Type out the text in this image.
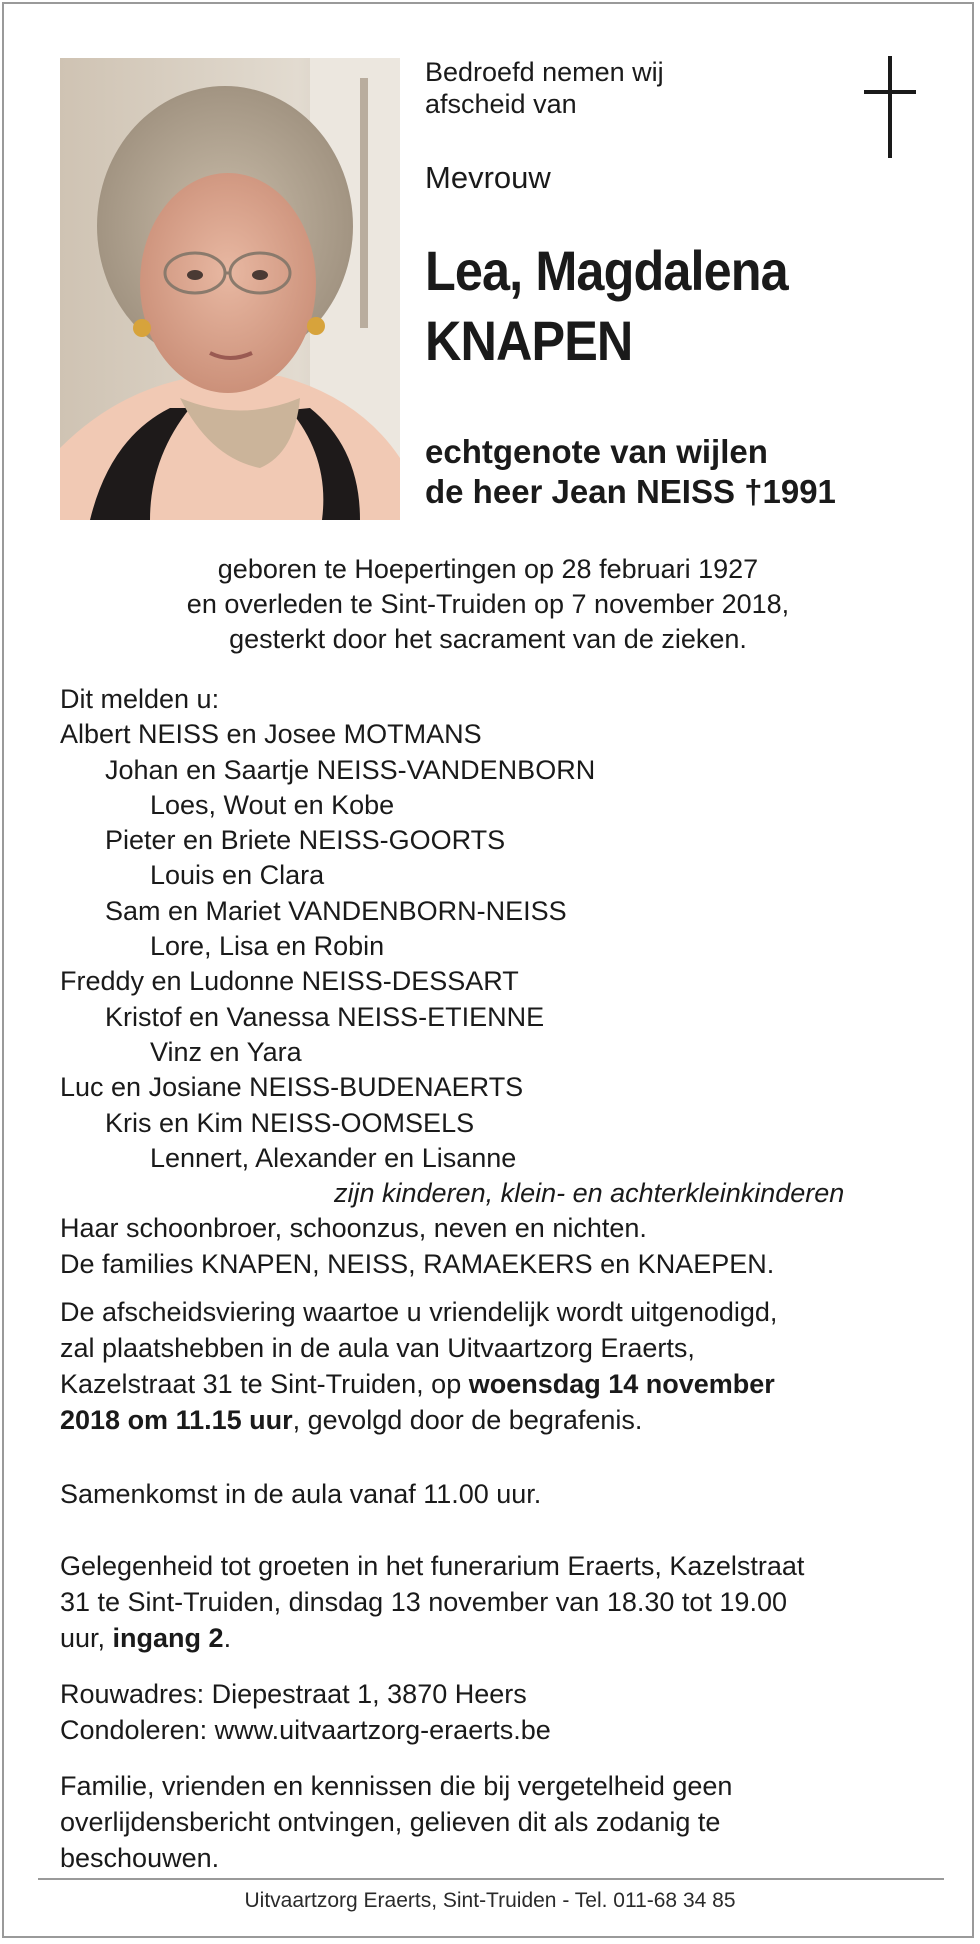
Bedroefd nemen wij
afscheid van
Mevrouw
Lea, Magdalena
KNAPEN
echtgenote van wijlen
de heer Jean NEISS †1991
geboren te Hoepertingen op 28 februari 1927
en overleden te Sint-Truiden op 7 november 2018,
gesterkt door het sacrament van de zieken.
Dit melden u:
Albert NEISS en Josee MOTMANS
Johan en Saartje NEISS-VANDENBORN
Loes, Wout en Kobe
Pieter en Briete NEISS-GOORTS
Louis en Clara
Sam en Mariet VANDENBORN-NEISS
Lore, Lisa en Robin
Freddy en Ludonne NEISS-DESSART
Kristof en Vanessa NEISS-ETIENNE
Vinz en Yara
Luc en Josiane NEISS-BUDENAERTS
Kris en Kim NEISS-OOMSELS
Lennert, Alexander en Lisanne
zijn kinderen, klein- en achterkleinkinderen
Haar schoonbroer, schoonzus, neven en nichten.
De families KNAPEN, NEISS, RAMAEKERS en KNAEPEN.
De afscheidsviering waartoe u vriendelijk wordt uitgenodigd,
zal plaatshebben in de aula van Uitvaartzorg Eraerts,
Kazelstraat 31 te Sint-Truiden, op woensdag 14 november
2018 om 11.15 uur, gevolgd door de begrafenis.
Samenkomst in de aula vanaf 11.00 uur.
Gelegenheid tot groeten in het funerarium Eraerts, Kazelstraat
31 te Sint-Truiden, dinsdag 13 november van 18.30 tot 19.00
uur, ingang 2.
Rouwadres: Diepestraat 1, 3870 Heers
Condoleren: www.uitvaartzorg-eraerts.be
Familie, vrienden en kennissen die bij vergetelheid geen
overlijdensbericht ontvingen, gelieven dit als zodanig te
beschouwen.
Uitvaartzorg Eraerts, Sint-Truiden - Tel. 011-68 34 85
